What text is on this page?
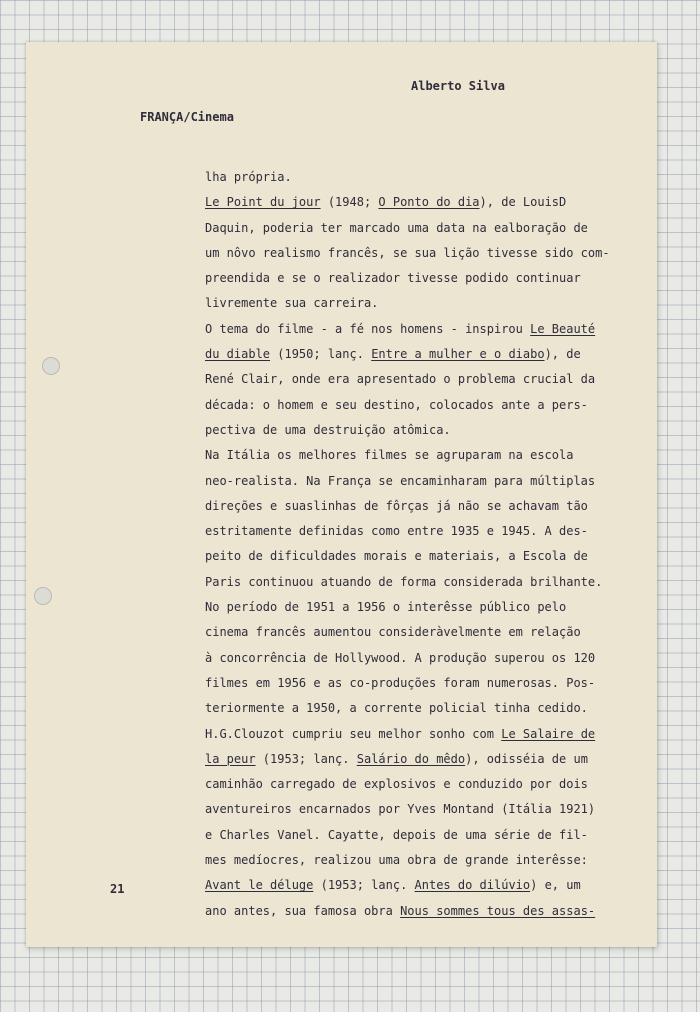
Alberto Silva
FRANÇA/Cinema
lha própria.
Le Point du jour (1948; O Ponto do dia), de LouisD
Daquin, poderia ter marcado uma data na ealboração de
um nôvo realismo francês, se sua lição tivesse sido com-
preendida e se o realizador tivesse podido continuar
livremente sua carreira.
O tema do filme - a fé nos homens - inspirou Le Beauté
du diable (1950; lanç. Entre a mulher e o diabo), de
René Clair, onde era apresentado o problema crucial da
década: o homem e seu destino, colocados ante a pers-
pectiva de uma destruição atômica.
Na Itália os melhores filmes se agruparam na escola
neo-realista. Na França se encaminharam para múltiplas
direções e suaslinhas de fôrças já não se achavam tão
estritamente definidas como entre 1935 e 1945. A des-
peito de dificuldades morais e materiais, a Escola de
Paris continuou atuando de forma considerada brilhante.
No período de 1951 a 1956 o interêsse público pelo
cinema francês aumentou consideràvelmente em relação
à concorrência de Hollywood. A produção superou os 120
filmes em 1956 e as co-produções foram numerosas. Pos-
teriormente a 1950, a corrente policial tinha cedido.
H.G.Clouzot cumpriu seu melhor sonho com Le Salaire de
la peur (1953; lanç. Salário do mêdo), odisséia de um
caminhão carregado de explosivos e conduzido por dois
aventureiros encarnados por Yves Montand (Itália 1921)
e Charles Vanel. Cayatte, depois de uma série de fil-
mes medíocres, realizou uma obra de grande interêsse:
Avant le déluge (1953; lanç. Antes do dilúvio) e, um
ano antes, sua famosa obra Nous sommes tous des assas-
21
